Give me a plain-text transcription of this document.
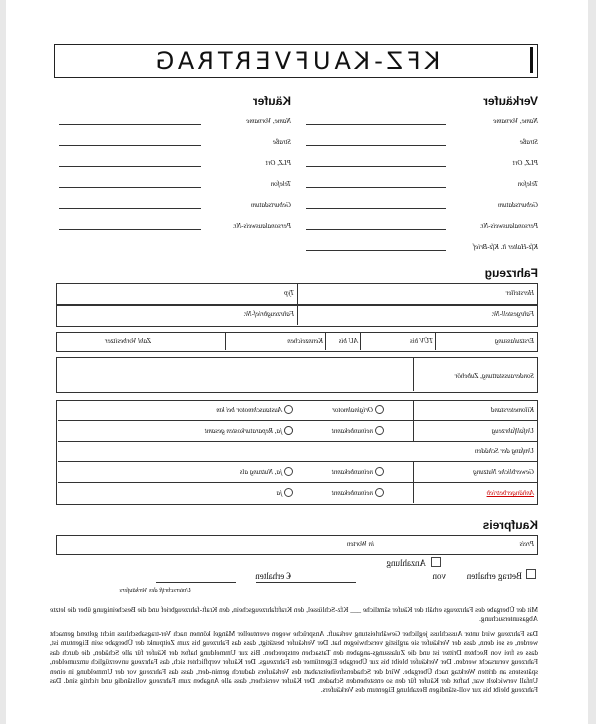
KFZ-KAUFVERTRAG
Verkäufer
Käufer
Name, Vorname
Straße
PLZ, Ort
Telefon
Geburtsdatum
Personalausweis-Nr.
Kfz-Halter lt. Kfz-Brief
Name, Vorname
Straße
PLZ, Ort
Telefon
Geburtsdatum
Personalausweis-Nr.
Fahrzeug
Hersteller
Typ
Fahrgestell-Nr.
Fahrzeugbrief-Nr.
Erstzulassung
TÜV bis
AU bis
Kennzeichen
Zahl Vorbesitzer
Sonderausstattung, Zubehör
Kilometerstand
Originalmotor
Austauschmotor bei km
Unfallfahrzeug
nein
unbekannt
ja, Reparaturkosten gesamt
Umfang der Schäden
Gewerbliche Nutzung
nein
unbekannt
ja, Nutzung als
Anhängerbetrieb
nein
unbekannt
ja
Kaufpreis
Preis
in Worten
Anzahlung
Betrag erhalten
von
€ erhalten
Unterschrift des Verkäufers
Mit der Übergabe des Fahrzeugs erhält der Käufer sämtliche ___ Kfz-Schlüssel, den Kraftfahrzeugschein, den Kraft-fahrzeugbrief und die Bescheinigung über die letzte Abgasuntersuchung.
Das Fahrzeug wird unter Ausschluss jeglicher Gewährleistung verkauft. Ansprüche wegen eventueller Mängel können nach Ver-tragsabschluss nicht geltend gemacht werden, es sei denn, dass der Verkäufer sie arglistig verschwiegen hat. Der Verkäufer bestätigt, dass das Fahrzeug bis zum Zeitpunkt der Übergabe sein Eigentum ist, dass es frei von Rechten Dritter ist und die Zulassungs-angaben den Tatsachen entsprechen. Bis zur Ummeldung haftet der Käufer für alle Schäden, die durch das Fahrzeug verursacht werden. Der Verkäufer bleibt bis zur Übergabe Eigentümer des Fahrzeugs. Der Käufer verpflichtet sich, das Fahrzeug unverzüglich umzumelden, spätestens an dritten Werktag nach Übergabe. Wird der Schadensfreiheitsrabatt des Verkäufers dadurch gemin-dert, dass das Fahrzeug vor der Ummeldung in einen Unfall verwickelt war, haftet der Käufer für den so entstehenden Schaden. Der Käufer versichert, dass alle Angaben zum Fahrzeug vollständig und richtig sind. Das Fahrzeug bleibt bis zur voll-ständigen Bezahlung Eigentum des Verkäufers.
